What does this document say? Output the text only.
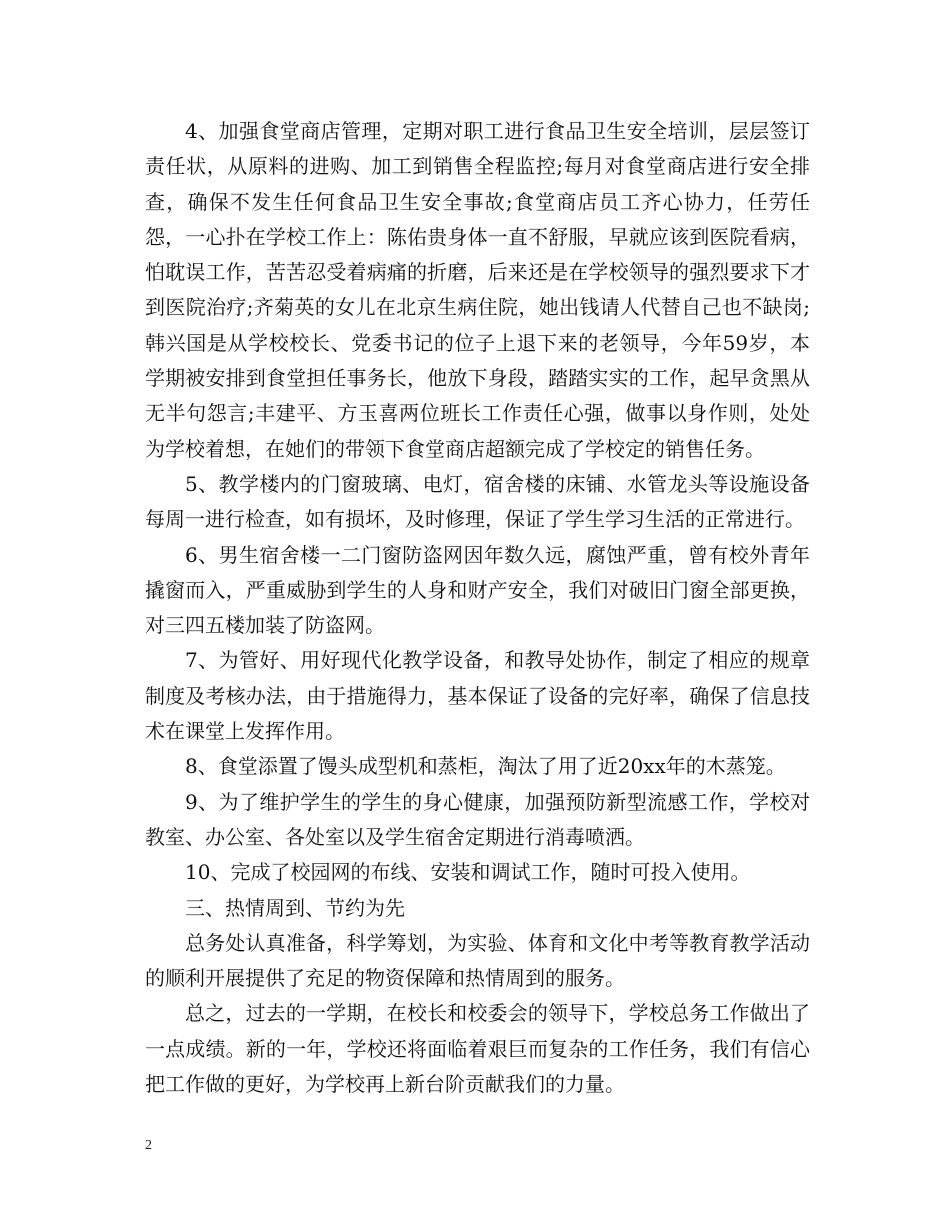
4、加强食堂商店管理，定期对职工进行食品卫生安全培训，层层签订责任状，从原料的进购、加工到销售全程监控;每月对食堂商店进行安全排查，确保不发生任何食品卫生安全事故;食堂商店员工齐心协力，任劳任怨，一心扑在学校工作上：陈佑贵身体一直不舒服，早就应该到医院看病，怕耽误工作，苦苦忍受着病痛的折磨，后来还是在学校领导的强烈要求下才到医院治疗;齐菊英的女儿在北京生病住院，她出钱请人代替自己也不缺岗;韩兴国是从学校校长、党委书记的位子上退下来的老领导，今年59岁，本学期被安排到食堂担任事务长，他放下身段，踏踏实实的工作，起早贪黑从无半句怨言;丰建平、方玉喜两位班长工作责任心强，做事以身作则，处处为学校着想，在她们的带领下食堂商店超额完成了学校定的销售任务。

5、教学楼内的门窗玻璃、电灯，宿舍楼的床铺、水管龙头等设施设备每周一进行检查，如有损坏，及时修理，保证了学生学习生活的正常进行。

6、男生宿舍楼一二门窗防盗网因年数久远，腐蚀严重，曾有校外青年撬窗而入，严重威胁到学生的人身和财产安全，我们对破旧门窗全部更换，对三四五楼加装了防盗网。

7、为管好、用好现代化教学设备，和教导处协作，制定了相应的规章制度及考核办法，由于措施得力，基本保证了设备的完好率，确保了信息技术在课堂上发挥作用。

8、食堂添置了馒头成型机和蒸柜，淘汰了用了近20xx年的木蒸笼。

9、为了维护学生的学生的身心健康，加强预防新型流感工作，学校对教室、办公室、各处室以及学生宿舍定期进行消毒喷洒。

10、完成了校园网的布线、安装和调试工作，随时可投入使用。

三、热情周到、节约为先

总务处认真准备，科学筹划，为实验、体育和文化中考等教育教学活动的顺利开展提供了充足的物资保障和热情周到的服务。

总之，过去的一学期，在校长和校委会的领导下，学校总务工作做出了一点成绩。新的一年，学校还将面临着艰巨而复杂的工作任务，我们有信心把工作做的更好，为学校再上新台阶贡献我们的力量。

2
